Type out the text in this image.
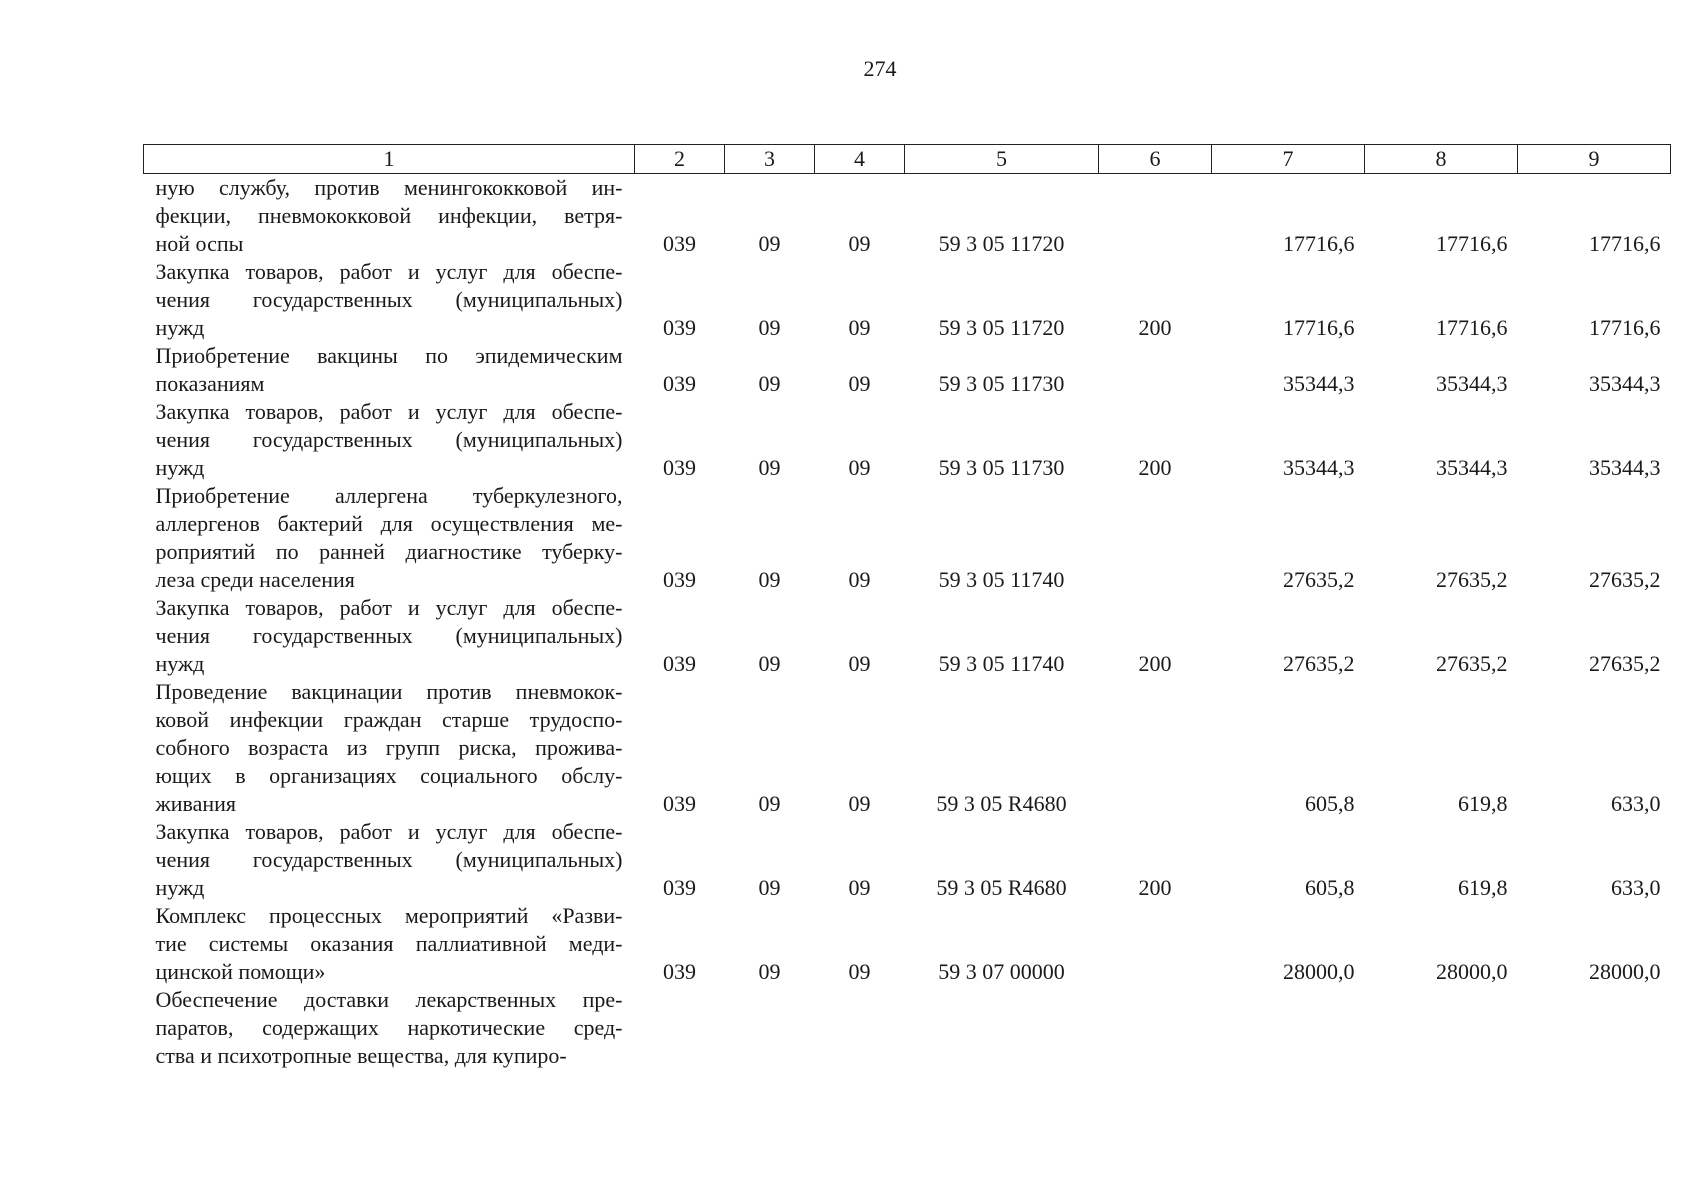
274
1	2	3	4	5	6	7	8	9

ную службу, против менингококковой ин-
фекции, пневмококковой инфекции, ветря-
ной оспы	039	09	09	59 3 05 11720		17716,6	17716,6	17716,6

Закупка товаров, работ и услуг для обеспе-
чения государственных (муниципальных)
нужд	039	09	09	59 3 05 11720	200	17716,6	17716,6	17716,6

Приобретение вакцины по эпидемическим
показаниям	039	09	09	59 3 05 11730		35344,3	35344,3	35344,3

Закупка товаров, работ и услуг для обеспе-
чения государственных (муниципальных)
нужд	039	09	09	59 3 05 11730	200	35344,3	35344,3	35344,3

Приобретение аллергена туберкулезного,
аллергенов бактерий для осуществления ме-
роприятий по ранней диагностике туберку-
леза среди населения	039	09	09	59 3 05 11740		27635,2	27635,2	27635,2

Закупка товаров, работ и услуг для обеспе-
чения государственных (муниципальных)
нужд	039	09	09	59 3 05 11740	200	27635,2	27635,2	27635,2

Проведение вакцинации против пневмокок-
ковой инфекции граждан старше трудоспо-
собного возраста из групп риска, прожива-
ющих в организациях социального обслу-
живания	039	09	09	59 3 05 R4680		605,8	619,8	633,0

Закупка товаров, работ и услуг для обеспе-
чения государственных (муниципальных)
нужд	039	09	09	59 3 05 R4680	200	605,8	619,8	633,0

Комплекс процессных мероприятий «Разви-
тие системы оказания паллиативной меди-
цинской помощи»	039	09	09	59 3 07 00000		28000,0	28000,0	28000,0

Обеспечение доставки лекарственных пре-
паратов, содержащих наркотические сред-
ства и психотропные вещества, для купиро-								
